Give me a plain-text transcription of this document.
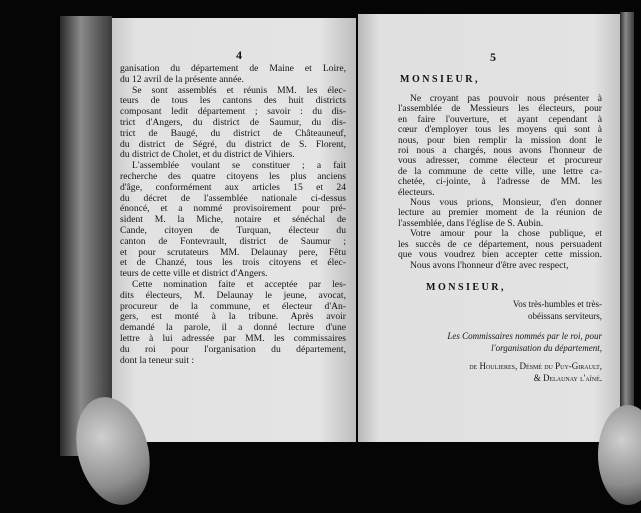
4
ganisation du département de Maine et Loire,
du 12 avril de la présente année.
Se sont assemblés et réunis MM. les élec-
teurs de tous les cantons des huit districts
composant ledit département ; savoir : du dis-
trict d'Angers, du district de Saumur, du dis-
trict de Baugé, du district de Châteauneuf,
du district de Ségré, du district de S. Florent,
du district de Cholet, et du district de Vihiers.
L'assemblée voulant se constituer ; a fait
recherche des quatre citoyens les plus anciens
d'âge, conformément aux articles 15 et 24
du décret de l'assemblée nationale ci-dessus
énoncé, et a nommé provisoirement pour pré-
sident M. la Miche, notaire et sénéchal de
Cande, citoyen de Turquan, électeur du
canton de Fontevrault, district de Saumur ;
et pour scrutateurs MM. Delaunay pere, Fêtu
et de Chanzé, tous les trois citoyens et élec-
teurs de cette ville et district d'Angers.
Cette nomination faite et acceptée par les-
dits électeurs, M. Delaunay le jeune, avocat,
procureur de la commune, et électeur d'An-
gers, est monté à la tribune. Après avoir
demandé la parole, il a donné lecture d'une
lettre à lui adressée par MM. les commissaires
du roi pour l'organisation du département,
dont la teneur suit :
5
MONSIEUR,
Ne croyant pas pouvoir nous présenter à
l'assemblée de Messieurs les électeurs, pour
en faire l'ouverture, et ayant cependant à
cœur d'employer tous les moyens qui sont à
nous, pour bien remplir la mission dont le
roi nous a chargés, nous avons l'honneur de
vous adresser, comme électeur et procureur
de la commune de cette ville, une lettre ca-
chetée, ci-jointe, à l'adresse de MM. les
électeurs.
Nous vous prions, Monsieur, d'en donner
lecture au premier moment de la réunion de
l'assemblée, dans l'église de S. Aubin.
Votre amour pour la chose publique, et
les succès de ce département, nous persuadent
que vous voudrez bien accepter cette mission.
Nous avons l'honneur d'être avec respect,
MONSIEUR,
Vos très-humbles et très-
obéissans serviteurs,
Les Commissaires nommés par le roi, pour
l'organisation du département,
de Houlieres, Désmé du Puy-Girault,
& Delaunay l'aîné.
